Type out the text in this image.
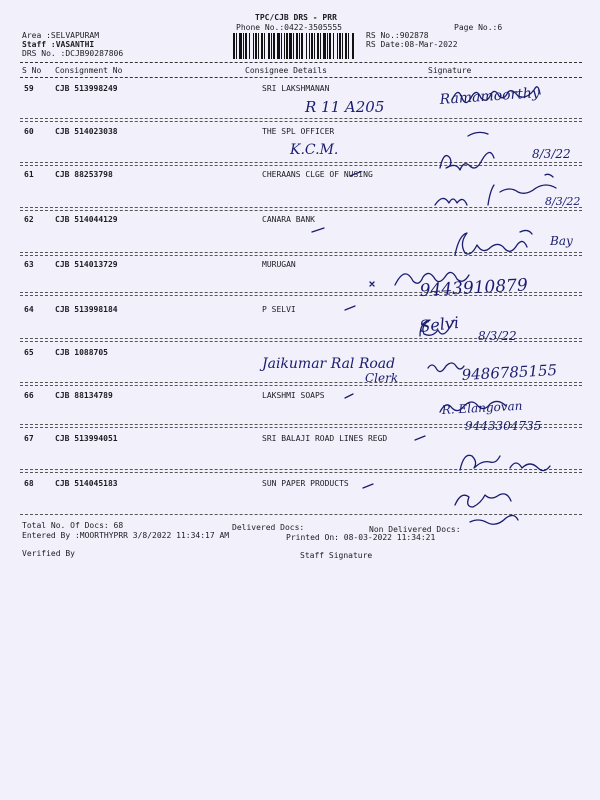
TPC/CJB DRS - PRR
Phone No.:0422-3505555	Page No.:6
Area :SELVAPURAM
Staff :VASANTHI
DRS No. :DCJB90287806
RS No.:902878
RS Date:08-Mar-2022
S No Consignment No	Consignee Details	Signature
59	CJB 513998249	SRI LAKSHMANAN
60	CJB 514023038	THE SPL OFFICER
61	CJB 88253798	CHERAANS CLGE OF NUSING
62	CJB 514044129	CANARA BANK
63	CJB 514013729	MURUGAN
64	CJB 513998184	P SELVI
65	CJB 1088705
66	CJB 88134789	LAKSHMI SOAPS
67	CJB 513994051	SRI BALAJI ROAD LINES REGD
68	CJB 514045183	SUN PAPER PRODUCTS
Total No. Of Docs: 68	Delivered Docs:	Non Delivered Docs:
Entered By :MOORTHYPRR 3/8/2022 11:34:17 AM	Printed On: 08-03-2022 11:34:21
Verified By	Staff Signature
R 11 A205	Ramamoorthy
K.C.M.	8/3/22
8/3/22
Bay
9443910879
Selvi
8/3/22
Jaikumar Ral Road
Clerk	9486785155
R. Elangovan
9443304735
